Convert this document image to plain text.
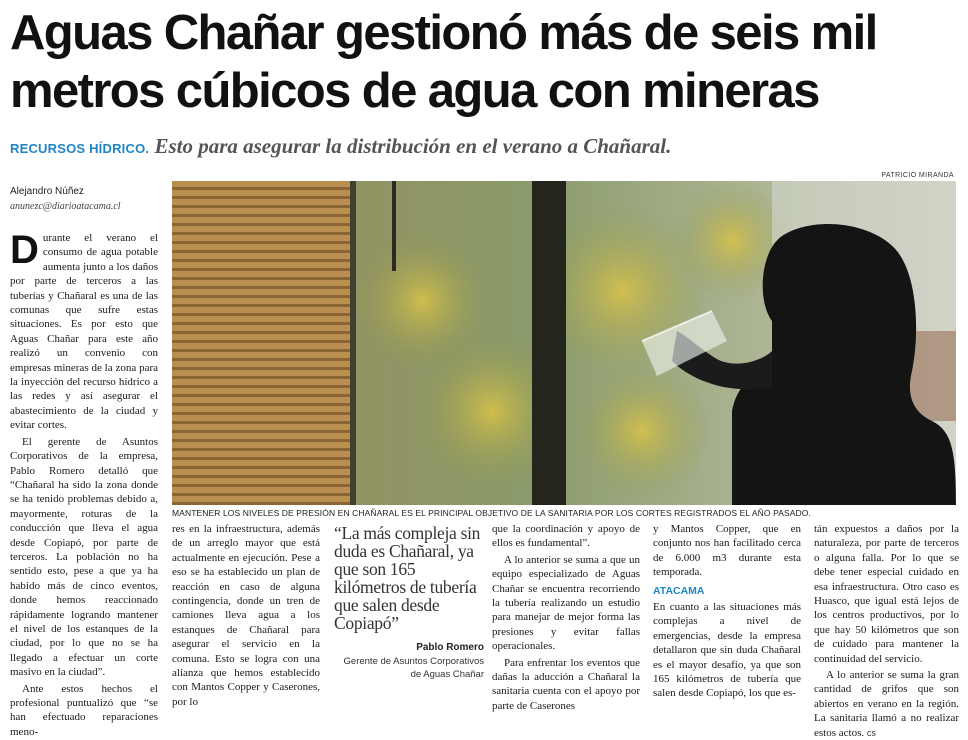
Aguas Chañar gestionó más de seis mil metros cúbicos de agua con mineras
RECURSOS HÍDRICO. Esto para asegurar la distribución en el verano a Chañaral.
Alejandro Núñez
anunezc@diarioatacama.cl
PATRICIO MIRANDA
MANTENER LOS NIVELES DE PRESIÓN EN CHAÑARAL ES EL PRINCIPAL OBJETIVO DE LA SANITARIA POR LOS CORTES REGISTRADOS EL AÑO PASADO.

Durante el verano el consumo de agua potable aumenta junto a los daños por parte de terceros a las tuberías y Chañaral es una de las comunas que sufre estas situaciones. Es por esto que Aguas Chañar para este año realizó un convenio con empresas mineras de la zona para la inyección del recurso hídrico a las redes y así asegurar el abastecimiento de la ciudad y evitar cortes.

El gerente de Asuntos Corporativos de la empresa, Pablo Romero detalló que “Chañaral ha sido la zona donde se ha tenido problemas debido a, mayormente, roturas de la conducción que lleva el agua desde Copiapó, por parte de terceros. La población no ha sentido esto, pese a que ya ha habido más de cinco eventos, donde hemos reaccionado rápidamente logrando mantener el nivel de los estanques de la ciudad, por lo que no se ha llegado a efectuar un corte masivo en la ciudad”.

Ante estos hechos el profesional puntualizó que “se han efectuado reparaciones meno-

res en la infraestructura, además de un arreglo mayor que está actualmente en ejecución. Pese a eso se ha establecido un plan de reacción en caso de alguna contingencia, donde un tren de camiones lleva agua a los estanques de Chañaral para asegurar el servicio en la comuna. Esto se logra con una alianza que hemos establecido con Mantos Copper y Caserones, por lo

“La más compleja sin duda es Chañaral, ya que son 165 kilómetros de tubería que salen desde Copiapó”
Pablo Romero
Gerente de Asuntos Corporativos de Aguas Chañar

que la coordinación y apoyo de ellos es fundamental”.

A lo anterior se suma a que un equipo especializado de Aguas Chañar se encuentra recorriendo la tubería realizando un estudio para manejar de mejor forma las presiones y evitar fallas operacionales.

Para enfrentar los eventos que dañas la aducción a Chañaral la sanitaria cuenta con el apoyo por parte de Caserones

y Mantos Copper, que en conjunto nos han facilitado cerca de 6.000 m3 durante esta temporada.

ATACAMA

En cuanto a las situaciones más complejas a nivel de emergencias, desde la empresa detallaron que sin duda Chañaral es el mayor desafío, ya que son 165 kilómetros de tubería que salen desde Copiapó, los que es-

tán expuestos a daños por la naturaleza, por parte de terceros o alguna falla. Por lo que se debe tener especial cuidado en esa infraestructura. Otro caso es Huasco, que igual está lejos de los centros productivos, por lo que hay 50 kilómetros que son de cuidado para mantener la continuidad del servicio.

A lo anterior se suma la gran cantidad de grifos que son abiertos en verano en la región. La sanitaria llamó a no realizar estos actos. cs
